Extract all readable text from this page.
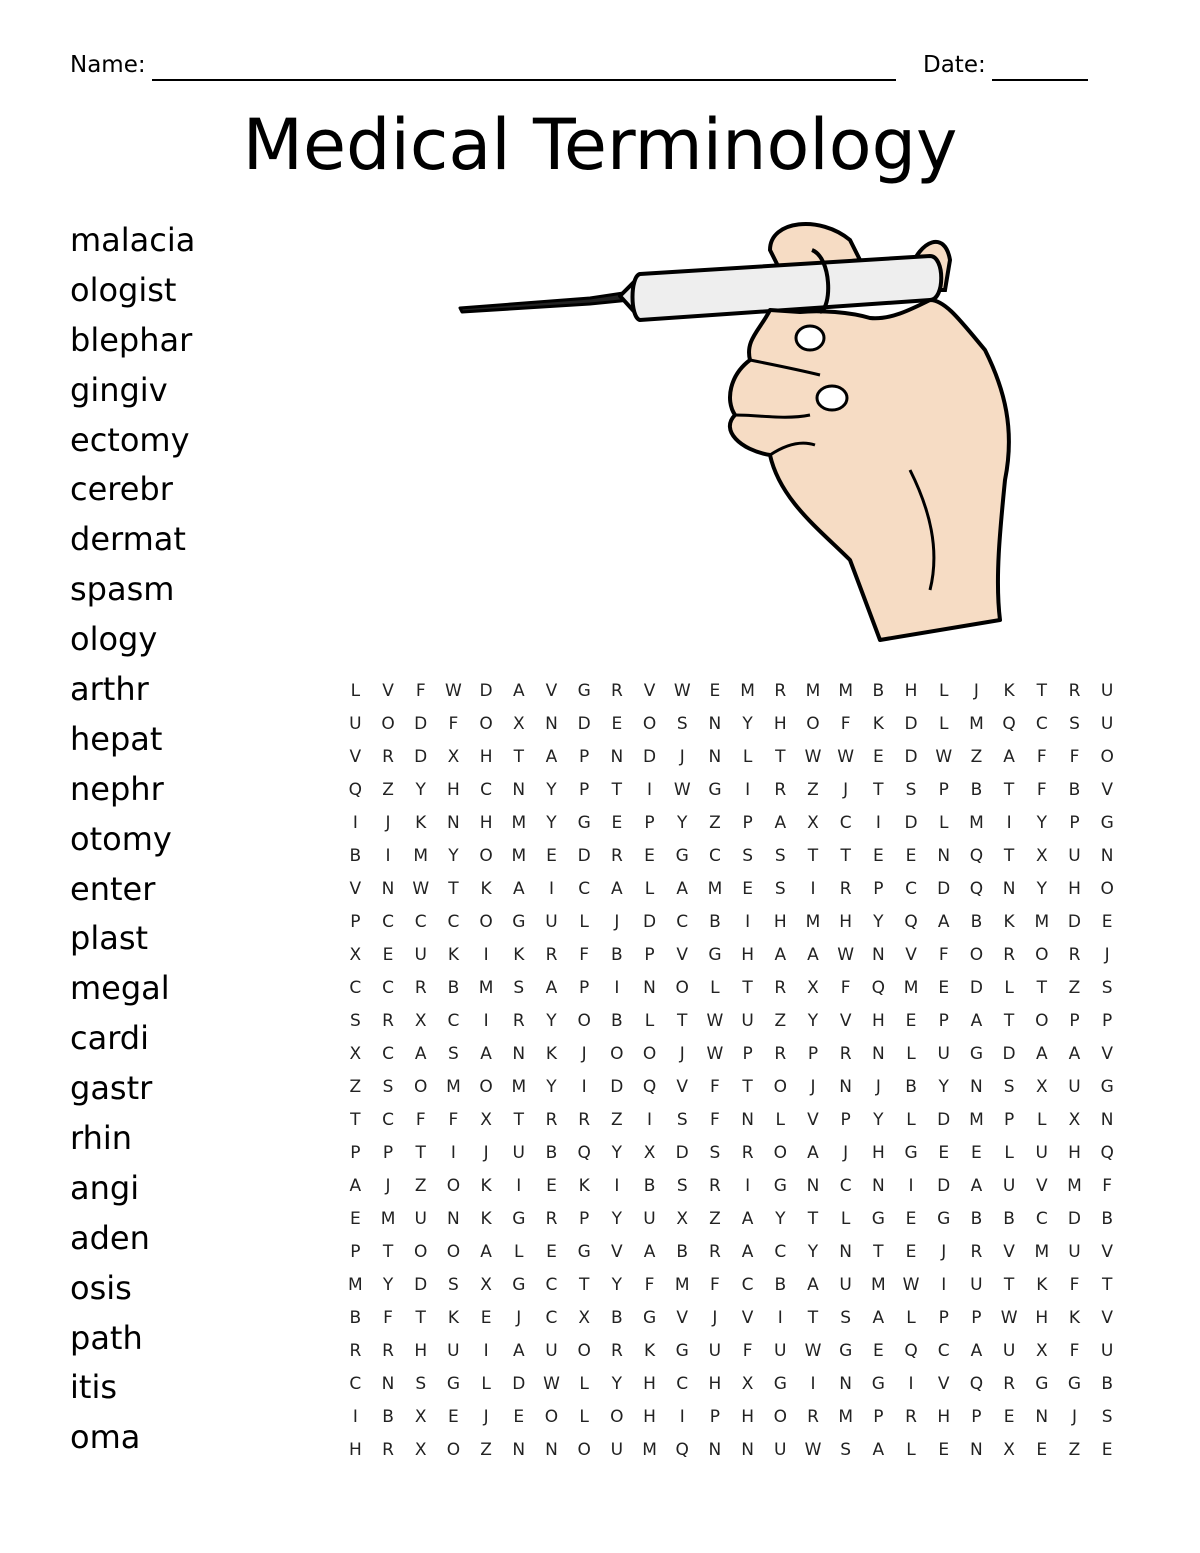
Name:	Date:
Medical Terminology
malacia
ologist
blephar
gingiv
ectomy
cerebr
dermat
spasm
ology
arthr
hepat
nephr
otomy
enter
plast
megal
cardi
gastr
rhin
angi
aden
osis
path
itis
oma
L	V	F	W	D	A	V	G	R	V	W	E	M	R	M	M	B	H	L	J	K	T	R	U
U	O	D	F	O	X	N	D	E	O	S	N	Y	H	O	F	K	D	L	M	Q	C	S	U
V	R	D	X	H	T	A	P	N	D	J	N	L	T	W	W	E	D	W	Z	A	F	F	O
Q	Z	Y	H	C	N	Y	P	T	I	W	G	I	R	Z	J	T	S	P	B	T	F	B	V
I	J	K	N	H	M	Y	G	E	P	Y	Z	P	A	X	C	I	D	L	M	I	Y	P	G
B	I	M	Y	O	M	E	D	R	E	G	C	S	S	T	T	E	E	N	Q	T	X	U	N
V	N	W	T	K	A	I	C	A	L	A	M	E	S	I	R	P	C	D	Q	N	Y	H	O
P	C	C	C	O	G	U	L	J	D	C	B	I	H	M	H	Y	Q	A	B	K	M	D	E
X	E	U	K	I	K	R	F	B	P	V	G	H	A	A	W	N	V	F	O	R	O	R	J
C	C	R	B	M	S	A	P	I	N	O	L	T	R	X	F	Q	M	E	D	L	T	Z	S
S	R	X	C	I	R	Y	O	B	L	T	W	U	Z	Y	V	H	E	P	A	T	O	P	P
X	C	A	S	A	N	K	J	O	O	J	W	P	R	P	R	N	L	U	G	D	A	A	V
Z	S	O	M	O	M	Y	I	D	Q	V	F	T	O	J	N	J	B	Y	N	S	X	U	G
T	C	F	F	X	T	R	R	Z	I	S	F	N	L	V	P	Y	L	D	M	P	L	X	N
P	P	T	I	J	U	B	Q	Y	X	D	S	R	O	A	J	H	G	E	E	L	U	H	Q
A	J	Z	O	K	I	E	K	I	B	S	R	I	G	N	C	N	I	D	A	U	V	M	F
E	M	U	N	K	G	R	P	Y	U	X	Z	A	Y	T	L	G	E	G	B	B	C	D	B
P	T	O	O	A	L	E	G	V	A	B	R	A	C	Y	N	T	E	J	R	V	M	U	V
M	Y	D	S	X	G	C	T	Y	F	M	F	C	B	A	U	M	W	I	U	T	K	F	T
B	F	T	K	E	J	C	X	B	G	V	J	V	I	T	S	A	L	P	P	W	H	K	V
R	R	H	U	I	A	U	O	R	K	G	U	F	U	W	G	E	Q	C	A	U	X	F	U
C	N	S	G	L	D	W	L	Y	H	C	H	X	G	I	N	G	I	V	Q	R	G	G	B
I	B	X	E	J	E	O	L	O	H	I	P	H	O	R	M	P	R	H	P	E	N	J	S
H	R	X	O	Z	N	N	O	U	M	Q	N	N	U	W	S	A	L	E	N	X	E	Z	E
